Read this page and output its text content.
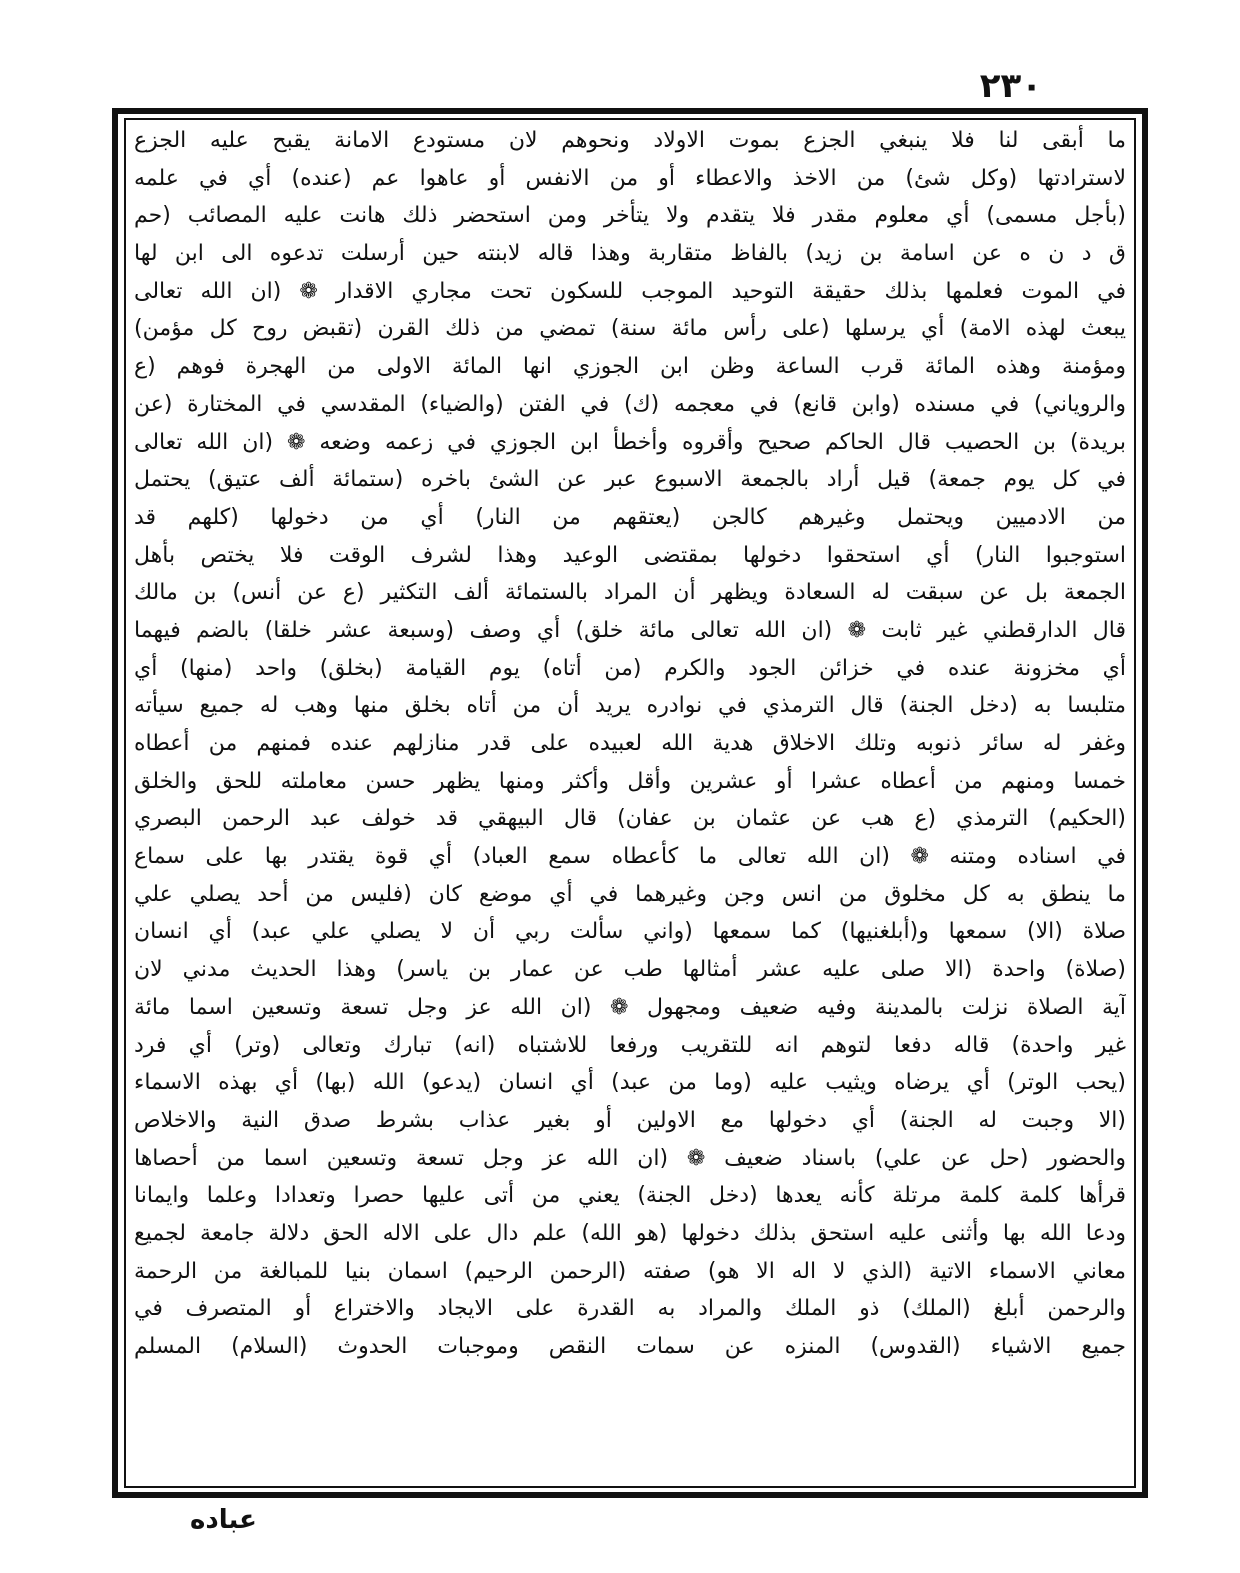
٢٣٠
ما أبقى لنا فلا ينبغي الجزع بموت الاولاد ونحوهم لان مستودع الامانة يقبح عليه الجزع
لاسترادتها (وكل شئ) من الاخذ والاعطاء أو من الانفس أو عاهوا عم (عنده) أي في علمه
(بأجل مسمى) أي معلوم مقدر فلا يتقدم ولا يتأخر ومن استحضر ذلك هانت عليه المصائب (حم
ق د ن ه عن اسامة بن زيد) بالفاظ متقاربة وهذا قاله لابنته حين أرسلت تدعوه الى ابن لها
في الموت فعلمها بذلك حقيقة التوحيد الموجب للسكون تحت مجاري الاقدار ❁ (ان الله تعالى
يبعث لهذه الامة) أي يرسلها (على رأس مائة سنة) تمضي من ذلك القرن (تقبض روح كل مؤمن)
ومؤمنة وهذه المائة قرب الساعة وظن ابن الجوزي انها المائة الاولى من الهجرة فوهم (ع
والروياني) في مسنده (وابن قانع) في معجمه (ك) في الفتن (والضياء) المقدسي في المختارة (عن
بريدة) بن الحصيب قال الحاكم صحيح وأقروه وأخطأ ابن الجوزي في زعمه وضعه ❁ (ان الله تعالى
في كل يوم جمعة) قيل أراد بالجمعة الاسبوع عبر عن الشئ باخره (ستمائة ألف عتيق) يحتمل
من الادميين ويحتمل وغيرهم كالجن (يعتقهم من النار) أي من دخولها (كلهم قد
استوجبوا النار) أي استحقوا دخولها بمقتضى الوعيد وهذا لشرف الوقت فلا يختص بأهل
الجمعة بل عن سبقت له السعادة ويظهر أن المراد بالستمائة ألف التكثير (ع عن أنس) بن مالك
قال الدارقطني غير ثابت ❁ (ان الله تعالى مائة خلق) أي وصف (وسبعة عشر خلقا) بالضم فيهما
أي مخزونة عنده في خزائن الجود والكرم (من أتاه) يوم القيامة (بخلق) واحد (منها) أي
متلبسا به (دخل الجنة) قال الترمذي في نوادره يريد أن من أتاه بخلق منها وهب له جميع سيأته
وغفر له سائر ذنوبه وتلك الاخلاق هدية الله لعبيده على قدر منازلهم عنده فمنهم من أعطاه
خمسا ومنهم من أعطاه عشرا أو عشرين وأقل وأكثر ومنها يظهر حسن معاملته للحق والخلق
(الحكيم) الترمذي (ع هب عن عثمان بن عفان) قال البيهقي قد خولف عبد الرحمن البصري
في اسناده ومتنه ❁ (ان الله تعالى ما كأعطاه سمع العباد) أي قوة يقتدر بها على سماع
ما ينطق به كل مخلوق من انس وجن وغيرهما في أي موضع كان (فليس من أحد يصلي علي
صلاة (الا) سمعها و(أبلغنيها) كما سمعها (واني سألت ربي أن لا يصلي علي عبد) أي انسان
(صلاة) واحدة (الا صلى عليه عشر أمثالها طب عن عمار بن ياسر) وهذا الحديث مدني لان
آية الصلاة نزلت بالمدينة وفيه ضعيف ومجهول ❁ (ان الله عز وجل تسعة وتسعين اسما مائة
غير واحدة) قاله دفعا لتوهم انه للتقريب ورفعا للاشتباه (انه) تبارك وتعالى (وتر) أي فرد
(يحب الوتر) أي يرضاه ويثيب عليه (وما من عبد) أي انسان (يدعو) الله (بها) أي بهذه الاسماء
(الا وجبت له الجنة) أي دخولها مع الاولين أو بغير عذاب بشرط صدق النية والاخلاص
والحضور (حل عن علي) باسناد ضعيف ❁ (ان الله عز وجل تسعة وتسعين اسما من أحصاها
قرأها كلمة كلمة مرتلة كأنه يعدها (دخل الجنة) يعني من أتى عليها حصرا وتعدادا وعلما وايمانا
ودعا الله بها وأثنى عليه استحق بذلك دخولها (هو الله) علم دال على الاله الحق دلالة جامعة لجميع
معاني الاسماء الاتية (الذي لا اله الا هو) صفته (الرحمن الرحيم) اسمان بنيا للمبالغة من الرحمة
والرحمن أبلغ (الملك) ذو الملك والمراد به القدرة على الايجاد والاختراع أو المتصرف في
جميع الاشياء (القدوس) المنزه عن سمات النقص وموجبات الحدوث (السلام) المسلم
عباده
